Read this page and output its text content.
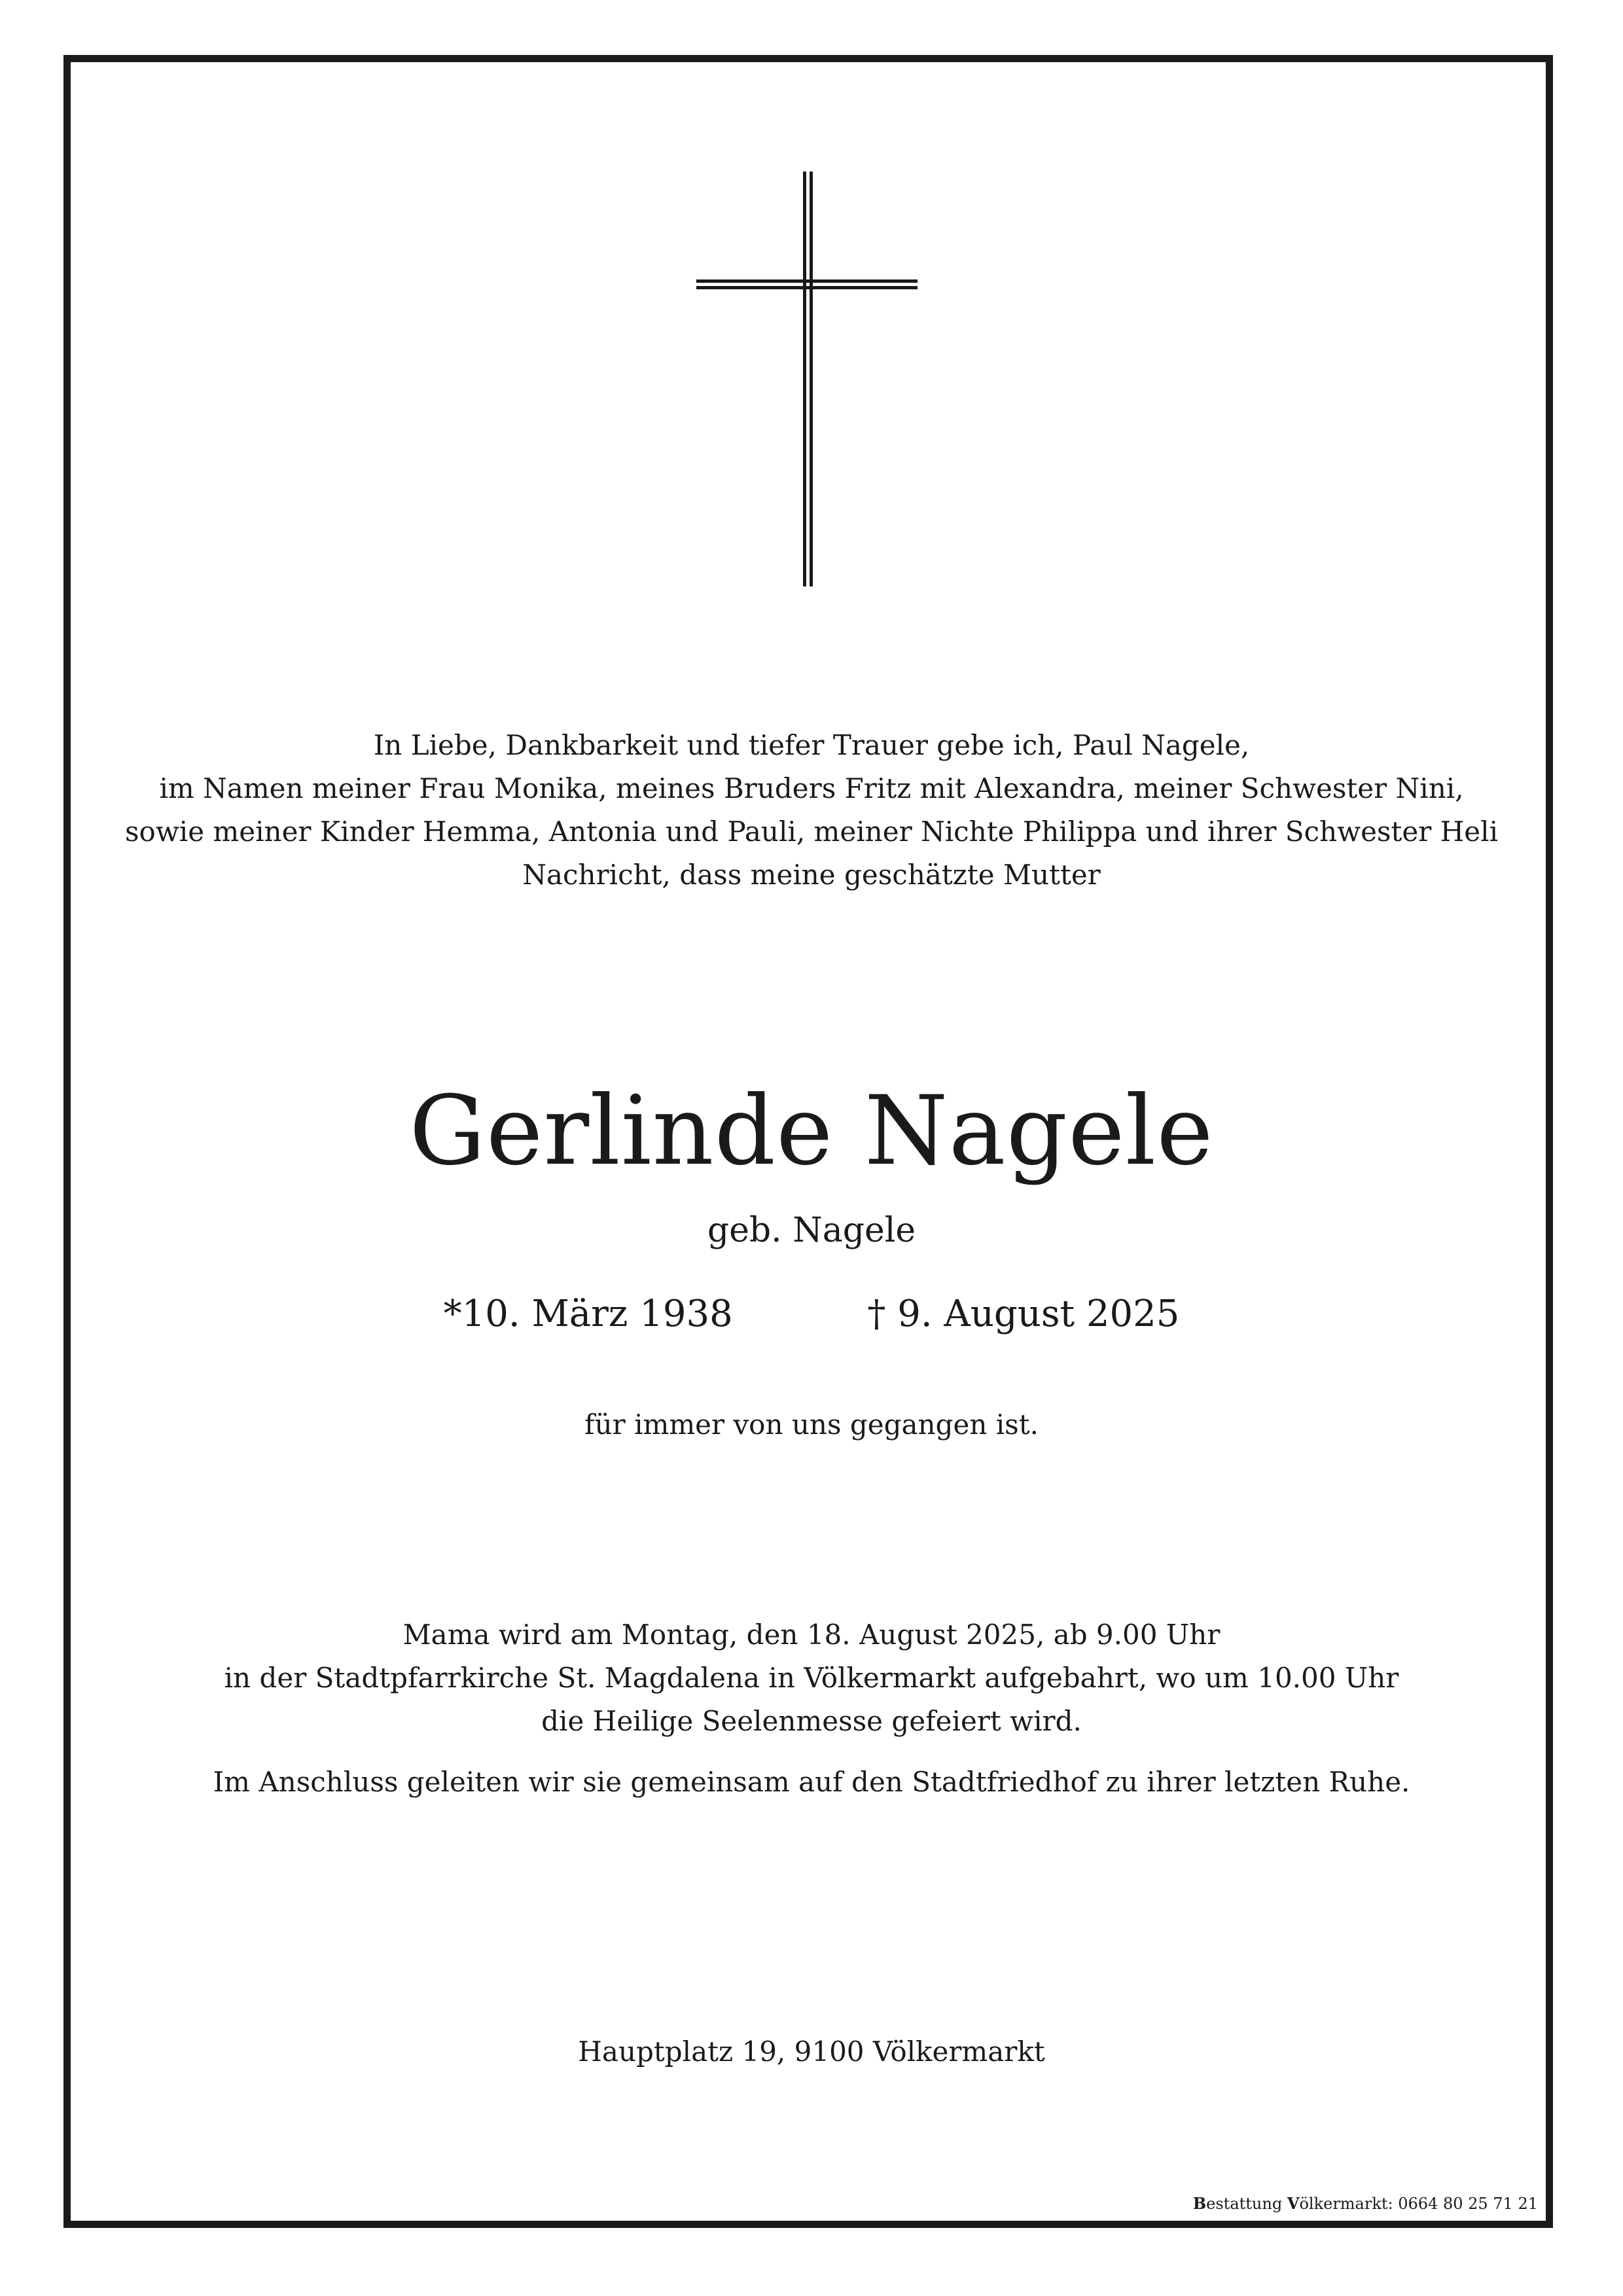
In Liebe, Dankbarkeit und tiefer Trauer gebe ich, Paul Nagele,
im Namen meiner Frau Monika, meines Bruders Fritz mit Alexandra, meiner Schwester Nini,
sowie meiner Kinder Hemma, Antonia und Pauli, meiner Nichte Philippa und ihrer Schwester Heli
Nachricht, dass meine geschätzte Mutter
Gerlinde Nagele
geb. Nagele
*10. März 1938	† 9. August 2025
für immer von uns gegangen ist.
Mama wird am Montag, den 18. August 2025, ab 9.00 Uhr
in der Stadtpfarrkirche St. Magdalena in Völkermarkt aufgebahrt, wo um 10.00 Uhr
die Heilige Seelenmesse gefeiert wird.
Im Anschluss geleiten wir sie gemeinsam auf den Stadtfriedhof zu ihrer letzten Ruhe.
Hauptplatz 19, 9100 Völkermarkt
Bestattung Völkermarkt: 0664 80 25 71 21
